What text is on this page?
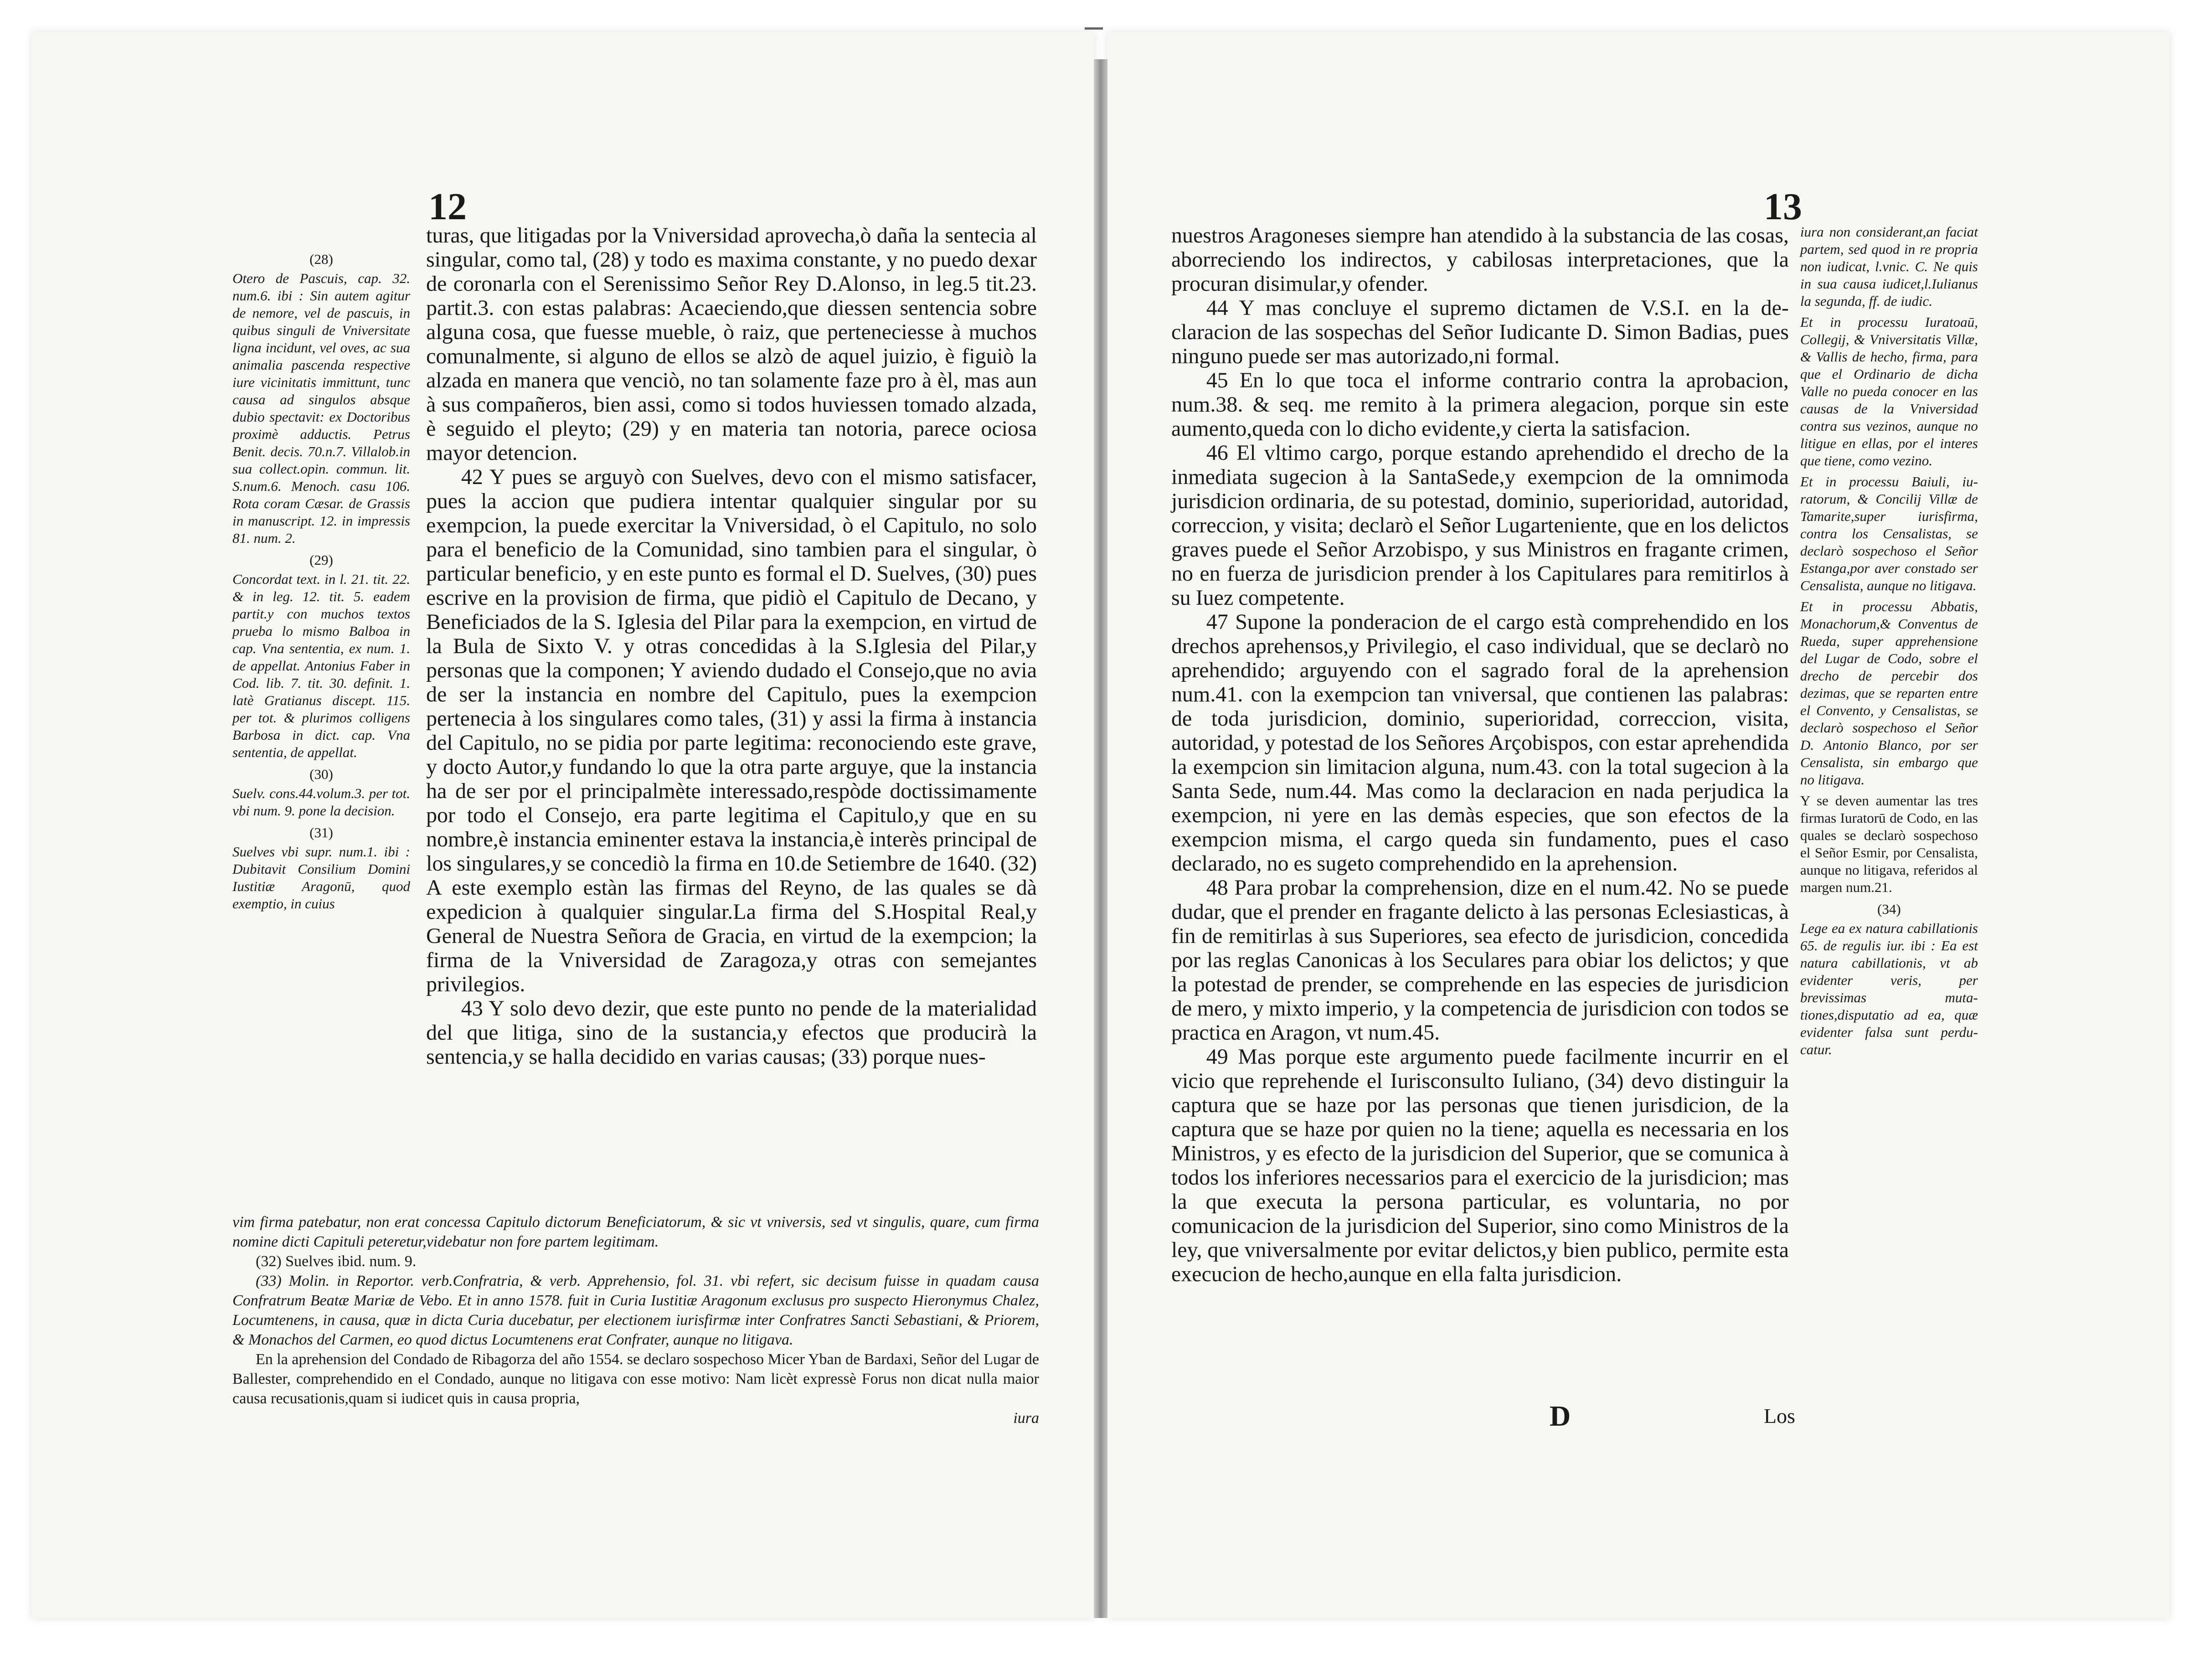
12
(28)

Otero de Pascuis, cap. 32. num.6. ibi : Sin autem agitur de nemore, vel de pascuis, in quibus singuli de Vniversitate ligna incidunt, vel oves, ac sua animalia pascenda respective iure vicinitatis immittunt, tunc causa ad singulos absque dubio spectavit: ex Doctoribus proximè adductis. Petrus Benit. decis. 70.n.7. Villalob.in sua collect.opin. commun. lit. S.num.6. Menoch. casu 106. Rota coram Cæsar. de Grassis in manuscript. 12. in impressis 81. num. 2.

(29)

Concordat text. in l. 21. tit. 22. & in leg. 12. tit. 5. eadem partit.y con muchos textos prueba lo mismo Balboa in cap. Vna sententia, ex num. 1. de appellat. Antonius Faber in Cod. lib. 7. tit. 30. definit. 1. latè Gratianus discept. 115. per tot. & plurimos colligens Barbosa in dict. cap. Vna sententia, de appellat.

(30)

Suelv. cons.44.volum.3. per tot. vbi num. 9. pone la decision.

(31)

Suelves vbi supr. num.1. ibi : Dubitavit Consilium Domini Iustitiæ Aragonū, quod exemptio, in cuius

turas, que litigadas por la Vniversidad aprovecha,ò daña la sentecia al singular, como tal, (28) y todo es maxima constante, y no puedo dexar de coronarla con el Serenissimo Señor Rey D.Alonso, in leg.5 tit.23. partit.3. con estas palabras: Acaeciendo,que diessen sentencia sobre alguna cosa, que fuesse mueble, ò raiz, que perteneciesse à muchos comunalmente, si alguno de ellos se alzò de aquel juizio, è figuiò la alzada en manera que venciò, no tan solamente faze pro à èl, mas aun à sus compañeros, bien assi, como si todos huviessen tomado alzada, è seguido el pleyto; (29) y en materia tan notoria, parece ociosa mayor detencion.

42 Y pues se arguyò con Suelves, devo con el mismo satisfacer, pues la accion que pudiera intentar qualquier singular por su exempcion, la puede exercitar la Vniversidad, ò el Capitulo, no solo para el beneficio de la Comunidad, sino tambien para el singular, ò particular beneficio, y en este punto es formal el D. Suelves, (30) pues escrive en la provision de firma, que pidiò el Capitulo de Decano, y Beneficiados de la S. Iglesia del Pilar para la exempcion, en virtud de la Bula de Sixto V. y otras concedidas à la S.Iglesia del Pilar,y personas que la componen; Y aviendo dudado el Consejo,que no avia de ser la instancia en nombre del Capitulo, pues la exempcion pertenecia à los singulares como tales, (31) y assi la firma à instancia del Capitulo, no se pidia por parte legitima: reconociendo este grave, y docto Autor,y fundando lo que la otra parte arguye, que la instancia ha de ser por el principalmète interessado,respòde doctissimamente por todo el Consejo, era parte legitima el Capitulo,y que en su nombre,è instancia eminenter estava la instancia,è interès principal de los singulares,y se concediò la firma en 10.de Setiembre de 1640. (32) A este exemplo estàn las firmas del Reyno, de las quales se dà expedicion à qualquier singular.La firma del S.Hospital Real,y General de Nuestra Señora de Gracia, en virtud de la exempcion; la firma de la Vniversidad de Zaragoza,y otras con semejantes privilegios.

43 Y solo devo dezir, que este punto no pende de la materialidad del que litiga, sino de la sustancia,y efectos que producirà la sentencia,y se halla decidido en varias causas; (33) porque nues-

vim firma patebatur, non erat concessa Capitulo dictorum Beneficiatorum, & sic vt vniversis, sed vt singulis, quare, cum firma nomine dicti Capituli peteretur,videbatur non fore partem legitimam.

(32) Suelves ibid. num. 9.

(33) Molin. in Reportor. verb.Confratria, & verb. Apprehensio, fol. 31. vbi refert, sic decisum fuisse in quadam causa Confratrum Beatæ Mariæ de Vebo. Et in anno 1578. fuit in Curia Iustitiæ Aragonum exclusus pro suspecto Hieronymus Chalez, Locumtenens, in causa, quæ in dicta Curia ducebatur, per electionem iurisfirmæ inter Confratres Sancti Sebastiani, & Priorem, & Monachos del Carmen, eo quod dictus Locumtenens erat Confrater, aunque no litigava.

En la aprehension del Condado de Ribagorza del año 1554. se declaro sospechoso Micer Yban de Bardaxi, Señor del Lugar de Ballester, comprehendido en el Condado, aunque no litigava con esse motivo: Nam licèt expressè Forus non dicat nulla maior causa recusationis,quam si iudicet quis in causa propria,

iura
13

nuestros Aragoneses siempre han atendido à la substancia de las cosas, aborreciendo los indirectos, y cabilosas interpretaciones, que la procuran disimular,y ofender.

44 Y mas concluye el supremo dictamen de V.S.I. en la declaracion de las sospechas del Señor Iudicante D. Simon Badias, pues ninguno puede ser mas autorizado,ni formal.

45 En lo que toca el informe contrario contra la aprobacion, num.38. & seq. me remito à la primera alegacion, porque sin este aumento,queda con lo dicho evidente,y cierta la satisfacion.

46 El vltimo cargo, porque estando aprehendido el drecho de la inmediata sugecion à la SantaSede,y exempcion de la omnimoda jurisdicion ordinaria, de su potestad, dominio, superioridad, autoridad, correccion, y visita; declarò el Señor Lugarteniente, que en los delictos graves puede el Señor Arzobispo, y sus Ministros en fragante crimen, no en fuerza de jurisdicion prender à los Capitulares para remitirlos à su Iuez competente.

47 Supone la ponderacion de el cargo està comprehendido en los drechos aprehensos,y Privilegio, el caso individual, que se declarò no aprehendido; arguyendo con el sagrado foral de la aprehension num.41. con la exempcion tan vniversal, que contienen las palabras: de toda jurisdicion, dominio, superioridad, correccion, visita, autoridad, y potestad de los Señores Arçobispos, con estar aprehendida la exempcion sin limitacion alguna, num.43. con la total sugecion à la Santa Sede, num.44. Mas como la declaracion en nada perjudica la exempcion, ni yere en las demàs especies, que son efectos de la exempcion misma, el cargo queda sin fundamento, pues el caso declarado, no es sugeto comprehendido en la aprehension.

48 Para probar la comprehension, dize en el num.42. No se puede dudar, que el prender en fragante delicto à las personas Eclesiasticas, à fin de remitirlas à sus Superiores, sea efecto de jurisdicion, concedida por las reglas Canonicas à los Seculares para obiar los delictos; y que la potestad de prender, se comprehende en las especies de jurisdicion de mero, y mixto imperio, y la competencia de jurisdicion con todos se practica en Aragon, vt num.45.

49 Mas porque este argumento puede facilmente incurrir en el vicio que reprehende el Iurisconsulto Iuliano, (34) devo distinguir la captura que se haze por las personas que tienen jurisdicion, de la captura que se haze por quien no la tiene; aquella es necessaria en los Ministros, y es efecto de la jurisdicion del Superior, que se comunica à todos los inferiores necessarios para el exercicio de la jurisdicion; mas la que executa la persona particular, es voluntaria, no por comunicacion de la jurisdicion del Superior, sino como Ministros de la ley, que vniversalmente por evitar delictos,y bien publico, permite esta execucion de hecho,aunque en ella falta jurisdicion.

iura non considerant,an faciat partem, sed quod in re propria non iudicat, l.vnic. C. Ne quis in sua causa iudicet,l.Iulianus la segunda, ff. de iudic.

Et in processu Iuratoaū, Collegij, & Vniversitatis Villæ, & Vallis de hecho, firma, para que el Ordinario de dicha Valle no pueda conocer en las causas de la Vniversidad contra sus vezinos, aunque no litigue en ellas, por el interes que tiene, como vezino.

Et in processu Baiuli, iuratorum, & Concilij Villæ de Tamarite,super iurisfirma, contra los Censalistas, se declarò sospechoso el Señor Estanga,por aver constado ser Censalista, aunque no litigava.

Et in processu Abbatis, Monachorum,& Conventus de Rueda, super apprehensione del Lugar de Codo, sobre el drecho de percebir dos dezimas, que se reparten entre el Convento, y Censalistas, se declarò sospechoso el Señor D. Antonio Blanco, por ser Censalista, sin embargo que no litigava.

Y se deven aumentar las tres firmas Iuratorū de Codo, en las quales se declarò sospechoso el Señor Esmir, por Censalista, aunque no litigava, referidos al margen num.21.

(34)

Lege ea ex natura cabillationis 65. de regulis iur. ibi : Ea est natura cabillationis, vt ab evidenter veris, per brevissimas mutationes,disputatio ad ea, quæ evidenter falsa sunt perducatur.

D	Los
